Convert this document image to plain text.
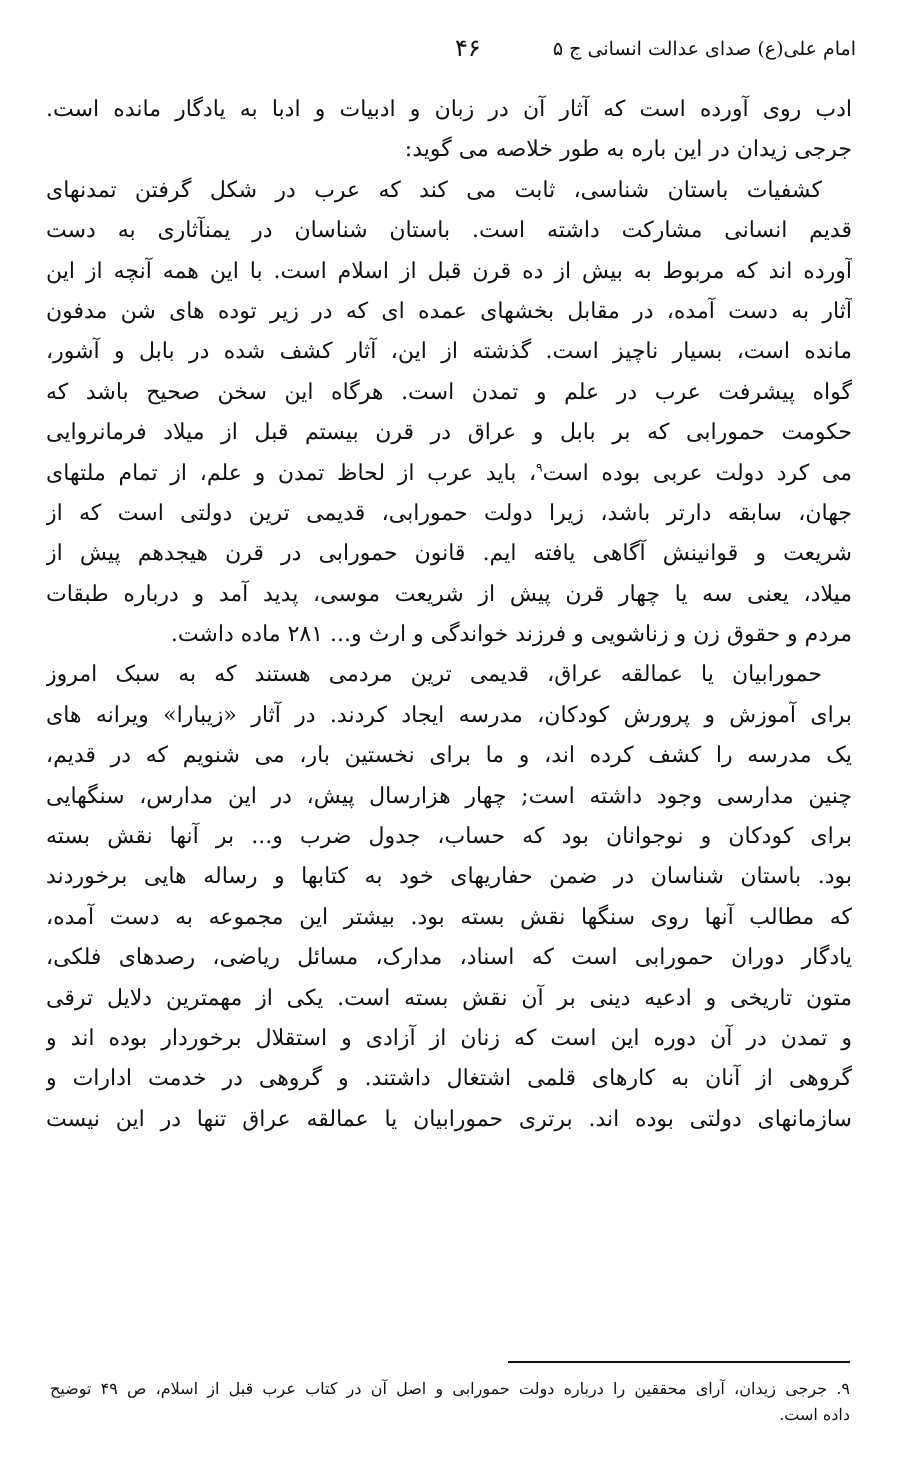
امام علی(ع) صدای عدالت انسانی ج ۵
۴۶
ادب روی آورده است که آثار آن در زبان و ادبیات و ادبا به یادگار مانده است.
جرجی زیدان در این باره به طور خلاصه می گوید:
کشفیات باستان شناسی، ثابت می کند که عرب در شکل گرفتن تمدنهای
قدیم انسانی مشارکت داشته است. باستان شناسان در یمنآثاری به دست
آورده اند که مربوط به بیش از ده قرن قبل از اسلام است. با این همه آنچه از این
آثار به دست آمده، در مقابل بخشهای عمده ای که در زیر توده های شن مدفون
مانده است، بسیار ناچیز است. گذشته از این، آثار کشف شده در بابل و آشور،
گواه پیشرفت عرب در علم و تمدن است. هرگاه این سخن صحیح باشد که
حکومت حمورابی که بر بابل و عراق در قرن بیستم قبل از میلاد فرمانروایی
می کرد دولت عربی بوده است$^۹$، باید عرب از لحاظ تمدن و علم، از تمام ملتهای
جهان، سابقه دارتر باشد، زیرا دولت حمورابی، قدیمی ترین دولتی است که از
شریعت و قوانینش آگاهی یافته ایم. قانون حمورابی در قرن هیجدهم پیش از
میلاد، یعنی سه یا چهار قرن پیش از شریعت موسی، پدید آمد و درباره طبقات
مردم و حقوق زن و زناشویی و فرزند خواندگی و ارث و... ۲۸۱ ماده داشت.
حمورابیان یا عمالقه عراق، قدیمی ترین مردمی هستند که به سبک امروز
برای آموزش و پرورش کودکان، مدرسه ایجاد کردند. در آثار «زیبارا» ویرانه های
یک مدرسه را کشف کرده اند، و ما برای نخستین بار، می شنویم که در قدیم،
چنین مدارسی وجود داشته است; چهار هزارسال پیش، در این مدارس، سنگهایی
برای کودکان و نوجوانان بود که حساب، جدول ضرب و... بر آنها نقش بسته
بود. باستان شناسان در ضمن حفاریهای خود به کتابها و رساله هایی برخوردند
که مطالب آنها روی سنگها نقش بسته بود. بیشتر این مجموعه به دست آمده،
یادگار دوران حمورابی است که اسناد، مدارک، مسائل ریاضی، رصدهای فلکی،
متون تاریخی و ادعیه دینی بر آن نقش بسته است. یکی از مهمترین دلایل ترقی
و تمدن در آن دوره این است که زنان از آزادی و استقلال برخوردار بوده اند و
گروهی از آنان به کارهای قلمی اشتغال داشتند. و گروهی در خدمت ادارات و
سازمانهای دولتی بوده اند. برتری حمورابیان یا عمالقه عراق تنها در این نیست
۹. جرجی زیدان، آرای محققین را درباره دولت حمورابی و اصل آن در کتاب عرب قبل از اسلام، ص ۴۹ توضیح
داده است.
